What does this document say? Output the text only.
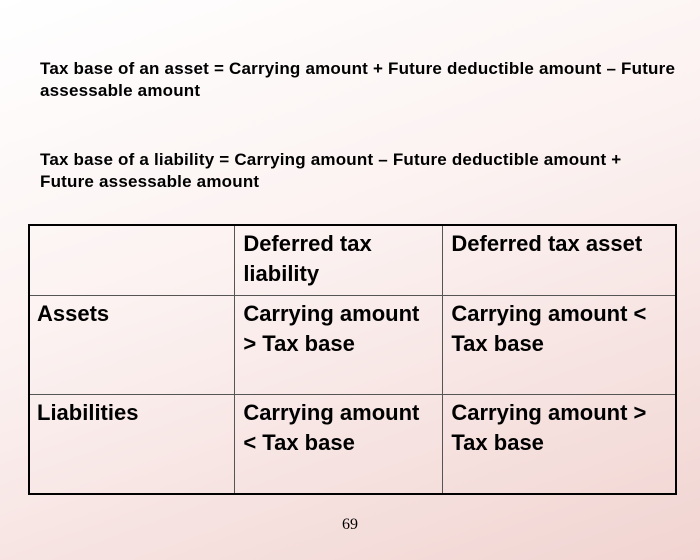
Tax base of an asset = Carrying amount + Future deductible amount – Future assessable amount

Tax base of a liability = Carrying amount – Future deductible amount + Future assessable amount

	Deferred tax liability	Deferred tax asset
Assets	Carrying amount > Tax base	Carrying amount < Tax base
Liabilities	Carrying amount < Tax base	Carrying amount > Tax base
69
